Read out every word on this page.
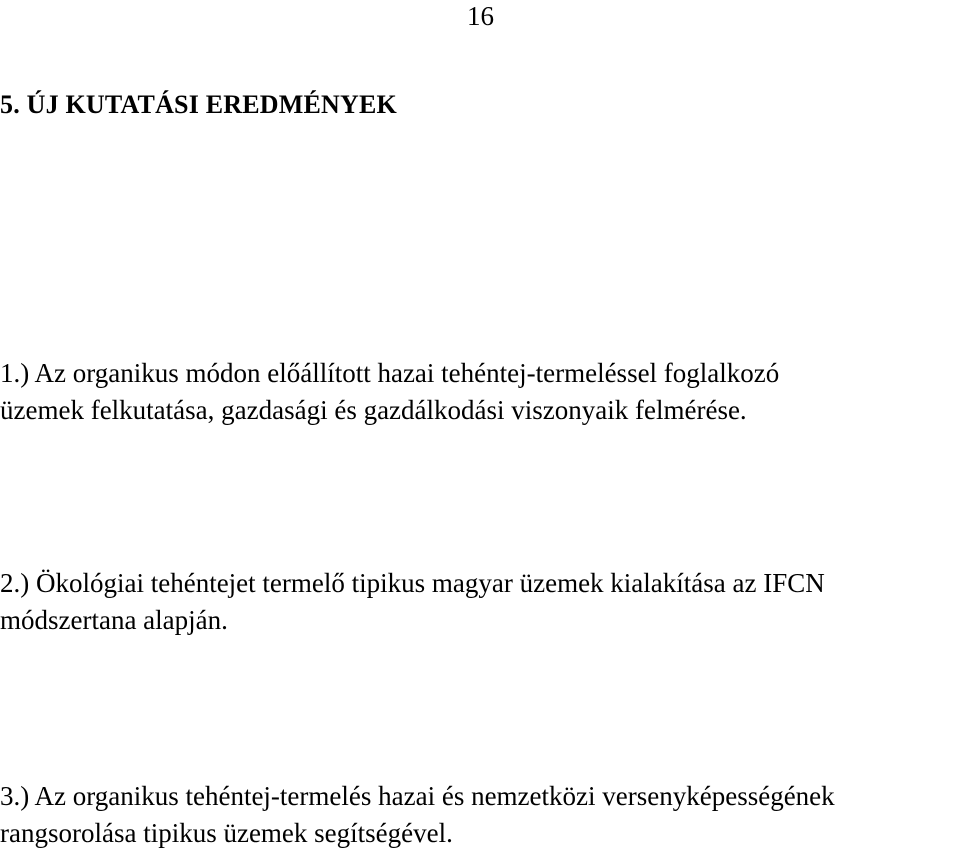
16
5. ÚJ KUTATÁSI EREDMÉNYEK
1.) Az organikus módon előállított hazai tehéntej-termeléssel foglalkozó
üzemek felkutatása, gazdasági és gazdálkodási viszonyaik felmérése.
2.) Ökológiai tehéntejet termelő tipikus magyar üzemek kialakítása az IFCN
módszertana alapján.
3.) Az organikus tehéntej-termelés hazai és nemzetközi versenyképességének
rangsorolása tipikus üzemek segítségével.
